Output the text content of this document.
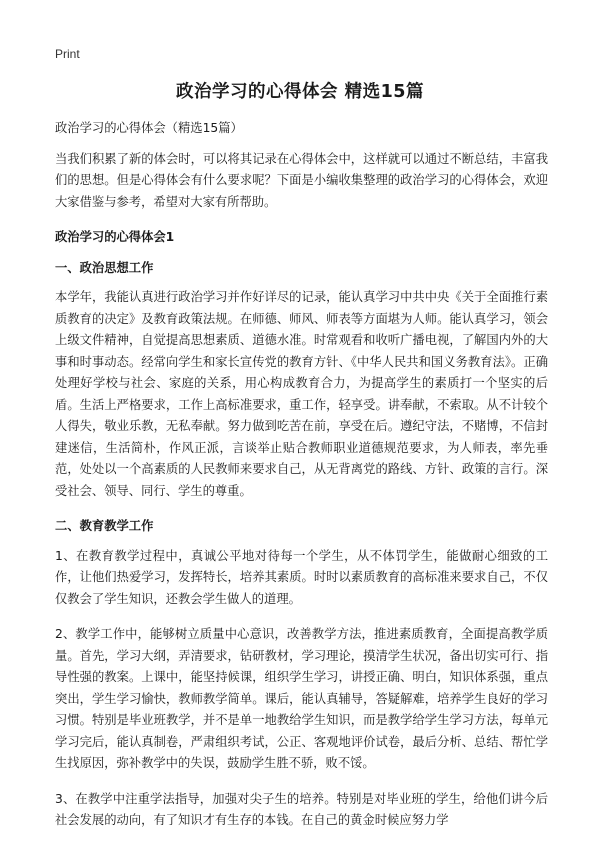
Print
政治学习的心得体会 精选15篇

政治学习的心得体会（精选15篇）

当我们积累了新的体会时，可以将其记录在心得体会中，这样就可以通过不断总结，丰富我们的思想。但是心得体会有什么要求呢？下面是小编收集整理的政治学习的心得体会，欢迎大家借鉴与参考，希望对大家有所帮助。

政治学习的心得体会1

一、政治思想工作

本学年，我能认真进行政治学习并作好详尽的记录，能认真学习中共中央《关于全面推行素质教育的决定》及教育政策法规。在师德、师风、师表等方面堪为人师。能认真学习，领会上级文件精神，自觉提高思想素质、道德水准。时常观看和收听广播电视，了解国内外的大事和时事动态。经常向学生和家长宣传党的教育方针、《中华人民共和国义务教育法》。正确处理好学校与社会、家庭的关系，用心构成教育合力，为提高学生的素质打一个坚实的后盾。生活上严格要求，工作上高标准要求，重工作，轻享受。讲奉献，不索取。从不计较个人得失，敬业乐教，无私奉献。努力做到吃苦在前，享受在后。遵纪守法，不赌博，不信封建迷信，生活简朴，作风正派，言谈举止贴合教师职业道德规范要求，为人师表，率先垂范，处处以一个高素质的人民教师来要求自己，从无背离党的路线、方针、政策的言行。深受社会、领导、同行、学生的尊重。

二、教育教学工作

1、在教育教学过程中，真诚公平地对待每一个学生，从不体罚学生，能做耐心细致的工作，让他们热爱学习，发挥特长，培养其素质。时时以素质教育的高标准来要求自己，不仅仅教会了学生知识，还教会学生做人的道理。

2、教学工作中，能够树立质量中心意识，改善教学方法，推进素质教育，全面提高教学质量。首先，学习大纲，弄清要求，钻研教材，学习理论，摸清学生状况，备出切实可行、指导性强的教案。上课中，能坚持候课，组织学生学习，讲授正确、明白，知识体系强，重点突出，学生学习愉快，教师教学简单。课后，能认真辅导，答疑解难，培养学生良好的学习习惯。特别是毕业班教学，并不是单一地教给学生知识，而是教学给学生学习方法，每单元学习完后，能认真制卷，严肃组织考试，公正、客观地评价试卷，最后分析、总结、帮忙学生找原因，弥补教学中的失误，鼓励学生胜不骄，败不馁。

3、在教学中注重学法指导，加强对尖子生的培养。特别是对毕业班的学生，给他们讲今后社会发展的动向，有了知识才有生存的本钱。在自己的黄金时候应努力学
